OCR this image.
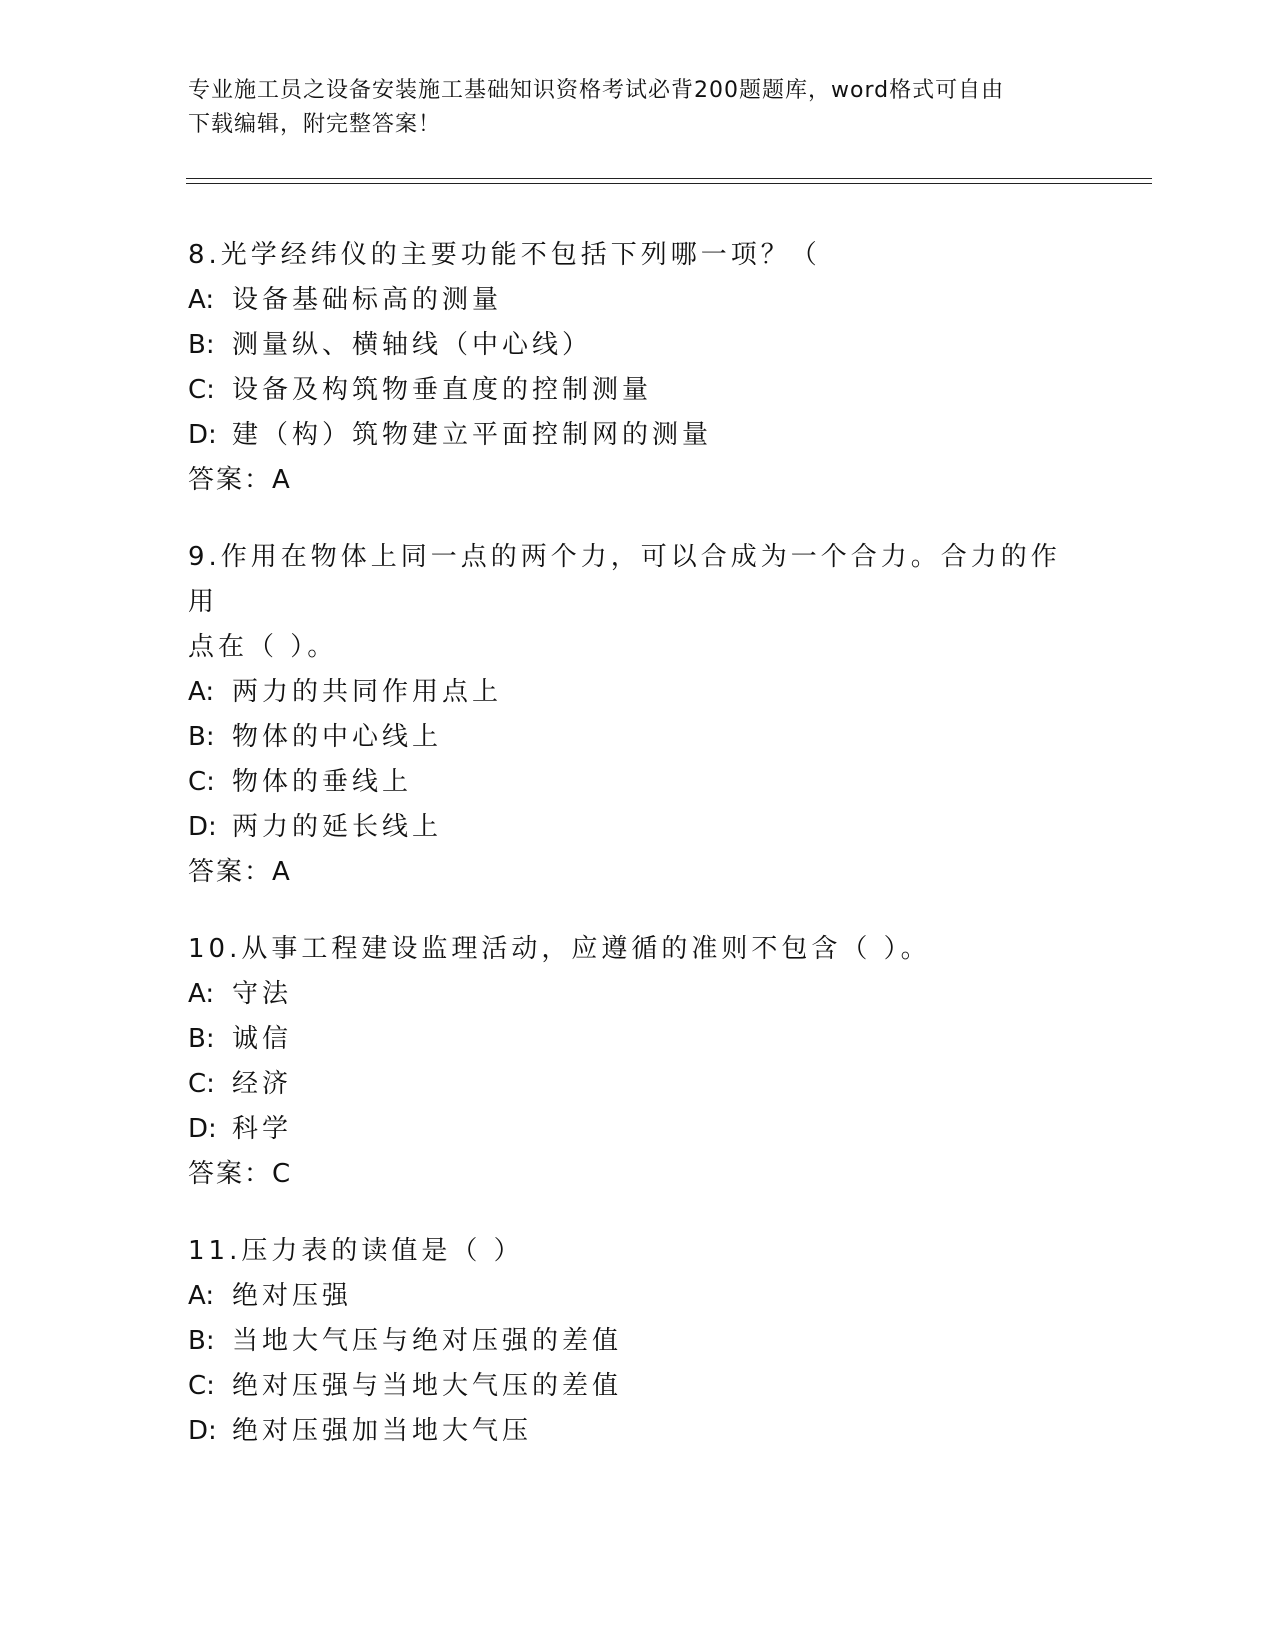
专业施工员之设备安装施工基础知识资格考试必背200题题库，word格式可自由
下载编辑，附完整答案！
8.光学经纬仪的主要功能不包括下列哪一项？（
A: 设备基础标高的测量
B: 测量纵、横轴线（中心线）
C: 设备及构筑物垂直度的控制测量
D: 建（构）筑物建立平面控制网的测量
答案：A
9.作用在物体上同一点的两个力，可以合成为一个合力。合力的作用
点在（ ）。
A: 两力的共同作用点上
B: 物体的中心线上
C: 物体的垂线上
D: 两力的延长线上
答案：A
10.从事工程建设监理活动，应遵循的准则不包含（ ）。
A: 守法
B: 诚信
C: 经济
D: 科学
答案：C
11.压力表的读值是（ ）
A: 绝对压强
B: 当地大气压与绝对压强的差值
C: 绝对压强与当地大气压的差值
D: 绝对压强加当地大气压
